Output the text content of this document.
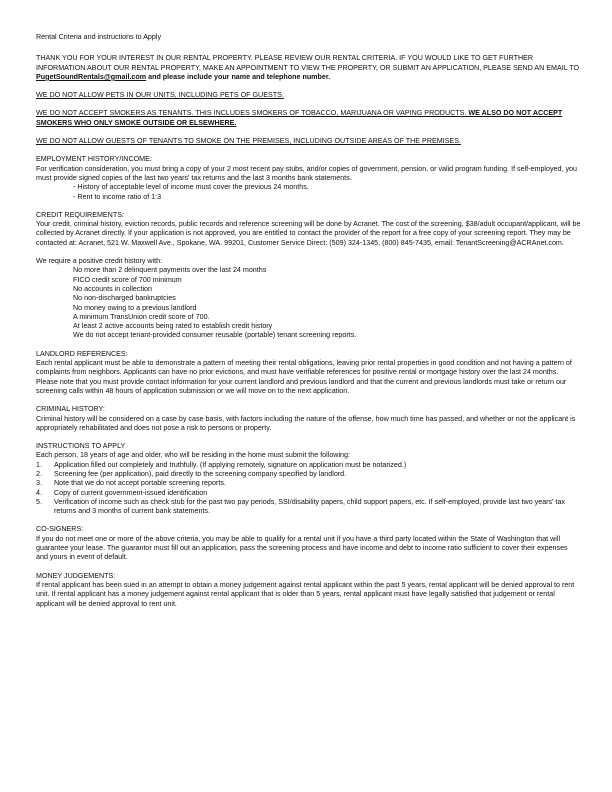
Rental Criteria and instructions to Apply

THANK YOU FOR YOUR INTEREST IN OUR RENTAL PROPERTY. PLEASE REVIEW OUR RENTAL CRITERIA. IF YOU WOULD LIKE TO GET FURTHER INFORMATION ABOUT OUR RENTAL PROPERTY, MAKE AN APPOINTMENT TO VIEW THE PROPERTY, OR SUBMIT AN APPLICATION, PLEASE SEND AN EMAIL TO PugetSoundRentals@gmail.com and please include your name and telephone number.

WE DO NOT ALLOW PETS IN OUR UNITS, INCLUDING PETS OF GUESTS.

WE DO NOT ACCEPT SMOKERS AS TENANTS. THIS INCLUDES SMOKERS OF TOBACCO, MARIJUANA OR VAPING PRODUCTS. WE ALSO DO NOT ACCEPT SMOKERS WHO ONLY SMOKE OUTSIDE OR ELSEWHERE.

WE DO NOT ALLOW GUESTS OF TENANTS TO SMOKE ON THE PREMISES, INCLUDING OUTSIDE AREAS OF THE PREMISES.

EMPLOYMENT HISTORY/INCOME:

For verification consideration, you must bring a copy of your 2 most recent pay stubs, and/or copies of government, pension, or valid program funding. If self-employed, you must provide signed copies of the last two years' tax returns and the last 3 months bank statements.

- History of acceptable level of income must cover the previous 24 months.

- Rent to income ratio of 1:3

CREDIT REQUIREMENTS:

Your credit, criminal history, eviction records, public records and reference screening will be done by Acranet. The cost of the screening, $38/adult occupant/applicant, will be collected by Acranet directly. If your application is not approved, you are entitled to contact the provider of the report for a free copy of your screening report. They may be contacted at: Acranet, 521 W. Maxwell Ave., Spokane, WA. 99201, Customer Service Direct: (509) 324-1345, (800) 845-7435, email: TenantScreening@ACRAnet.com.

We require a positive credit history with:

No more than 2 delinquent payments over the last 24 months

FICO credit score of 700 minimum

No accounts in collection

No non-discharged bankruptcies

No money owing to a previous landlord

A minimum TransUnion credit score of 700.

At least 2 active accounts being rated to establish credit history

We do not accept tenant-provided consumer reusable (portable) tenant screening reports.

LANDLORD REFERENCES:

Each rental applicant must be able to demonstrate a pattern of meeting their rental obligations, leaving prior rental properties in good condition and not having a pattern of complaints from neighbors. Applicants can have no prior evictions, and must have verifiable references for positive rental or mortgage history over the last 24 months. Please note that you must provide contact information for your current landlord and previous landlord and that the current and previous landlords must take or return our screening calls within 48 hours of application submission or we will move on to the next application.

CRIMINAL HISTORY:

Criminal history will be considered on a case by case basis, with factors including the nature of the offense, how much time has passed, and whether or not the applicant is appropriately rehabilitated and does not pose a risk to persons or property.

INSTRUCTIONS TO APPLY

Each person, 18 years of age and older, who will be residing in the home must submit the following:

1. Application filled out completely and truthfully. (If applying remotely, signature on application must be notarized.)
2. Screening fee (per application), paid directly to the screening company specified by landlord.
3. Note that we do not accept portable screening reports.
4. Copy of current government-issued identification
5. Verification of income such as check stub for the past two pay periods, SSI/disability papers, child support papers, etc. If self-employed, provide last two years' tax returns and 3 months of current bank statements.

CO-SIGNERS:

If you do not meet one or more of the above criteria, you may be able to qualify for a rental unit if you have a third party located within the State of Washington that will guarantee your lease. The guarantor must fill out an application, pass the screening process and have income and debt to income ratio sufficient to cover their expenses and yours in event of default.

MONEY JUDGEMENTS:

If rental applicant has been sued in an attempt to obtain a money judgement against rental applicant within the past 5 years, rental applicant will be denied approval to rent unit. If rental applicant has a money judgement against rental applicant that is older than 5 years, rental applicant must have legally satisfied that judgement or rental applicant will be denied approval to rent unit.
